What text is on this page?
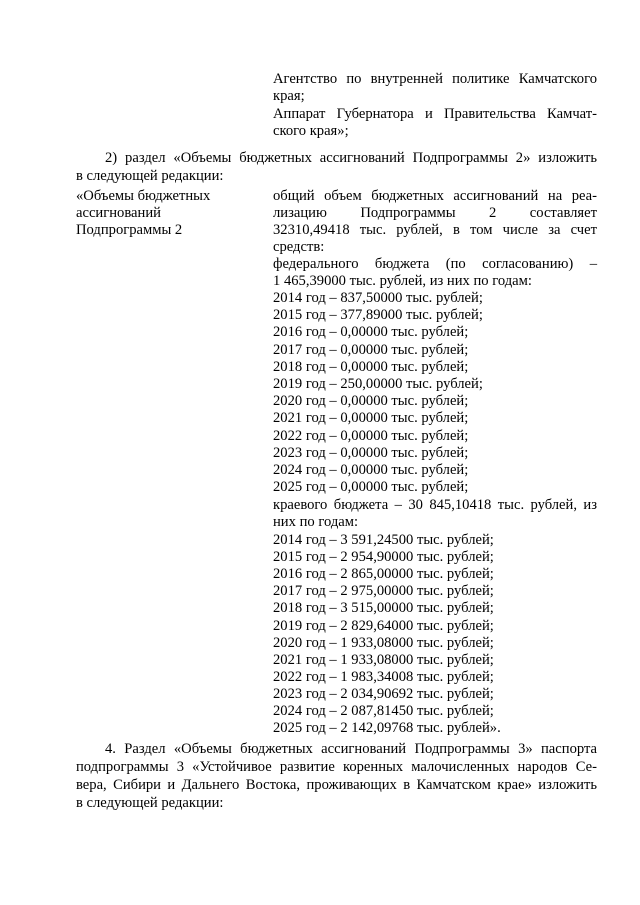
Агентство по внутренней политике Камчатского
края;
Аппарат Губернатора и Правительства Камчат-
ского края»;
2) раздел «Объемы бюджетных ассигнований Подпрограммы 2» изложить
в следующей редакции:
«Объемы бюджетных
ассигнований
Подпрограммы 2
общий объем бюджетных ассигнований на реа-
лизацию Подпрограммы 2 составляет
32310,49418 тыс. рублей, в том числе за счет
средств:
федерального бюджета (по согласованию) –
1 465,39000 тыс. рублей, из них по годам:
2014 год – 837,50000 тыс. рублей;
2015 год – 377,89000 тыс. рублей;
2016 год – 0,00000 тыс. рублей;
2017 год – 0,00000 тыс. рублей;
2018 год – 0,00000 тыс. рублей;
2019 год – 250,00000 тыс. рублей;
2020 год – 0,00000 тыс. рублей;
2021 год – 0,00000 тыс. рублей;
2022 год – 0,00000 тыс. рублей;
2023 год – 0,00000 тыс. рублей;
2024 год – 0,00000 тыс. рублей;
2025 год – 0,00000 тыс. рублей;
краевого бюджета – 30 845,10418 тыс. рублей, из
них по годам:
2014 год – 3 591,24500 тыс. рублей;
2015 год – 2 954,90000 тыс. рублей;
2016 год – 2 865,00000 тыс. рублей;
2017 год – 2 975,00000 тыс. рублей;
2018 год – 3 515,00000 тыс. рублей;
2019 год – 2 829,64000 тыс. рублей;
2020 год – 1 933,08000 тыс. рублей;
2021 год – 1 933,08000 тыс. рублей;
2022 год – 1 983,34008 тыс. рублей;
2023 год – 2 034,90692 тыс. рублей;
2024 год – 2 087,81450 тыс. рублей;
2025 год – 2 142,09768 тыс. рублей».
4. Раздел «Объемы бюджетных ассигнований Подпрограммы 3» паспорта
подпрограммы 3 «Устойчивое развитие коренных малочисленных народов Се-
вера, Сибири и Дальнего Востока, проживающих в Камчатском крае» изложить
в следующей редакции:
